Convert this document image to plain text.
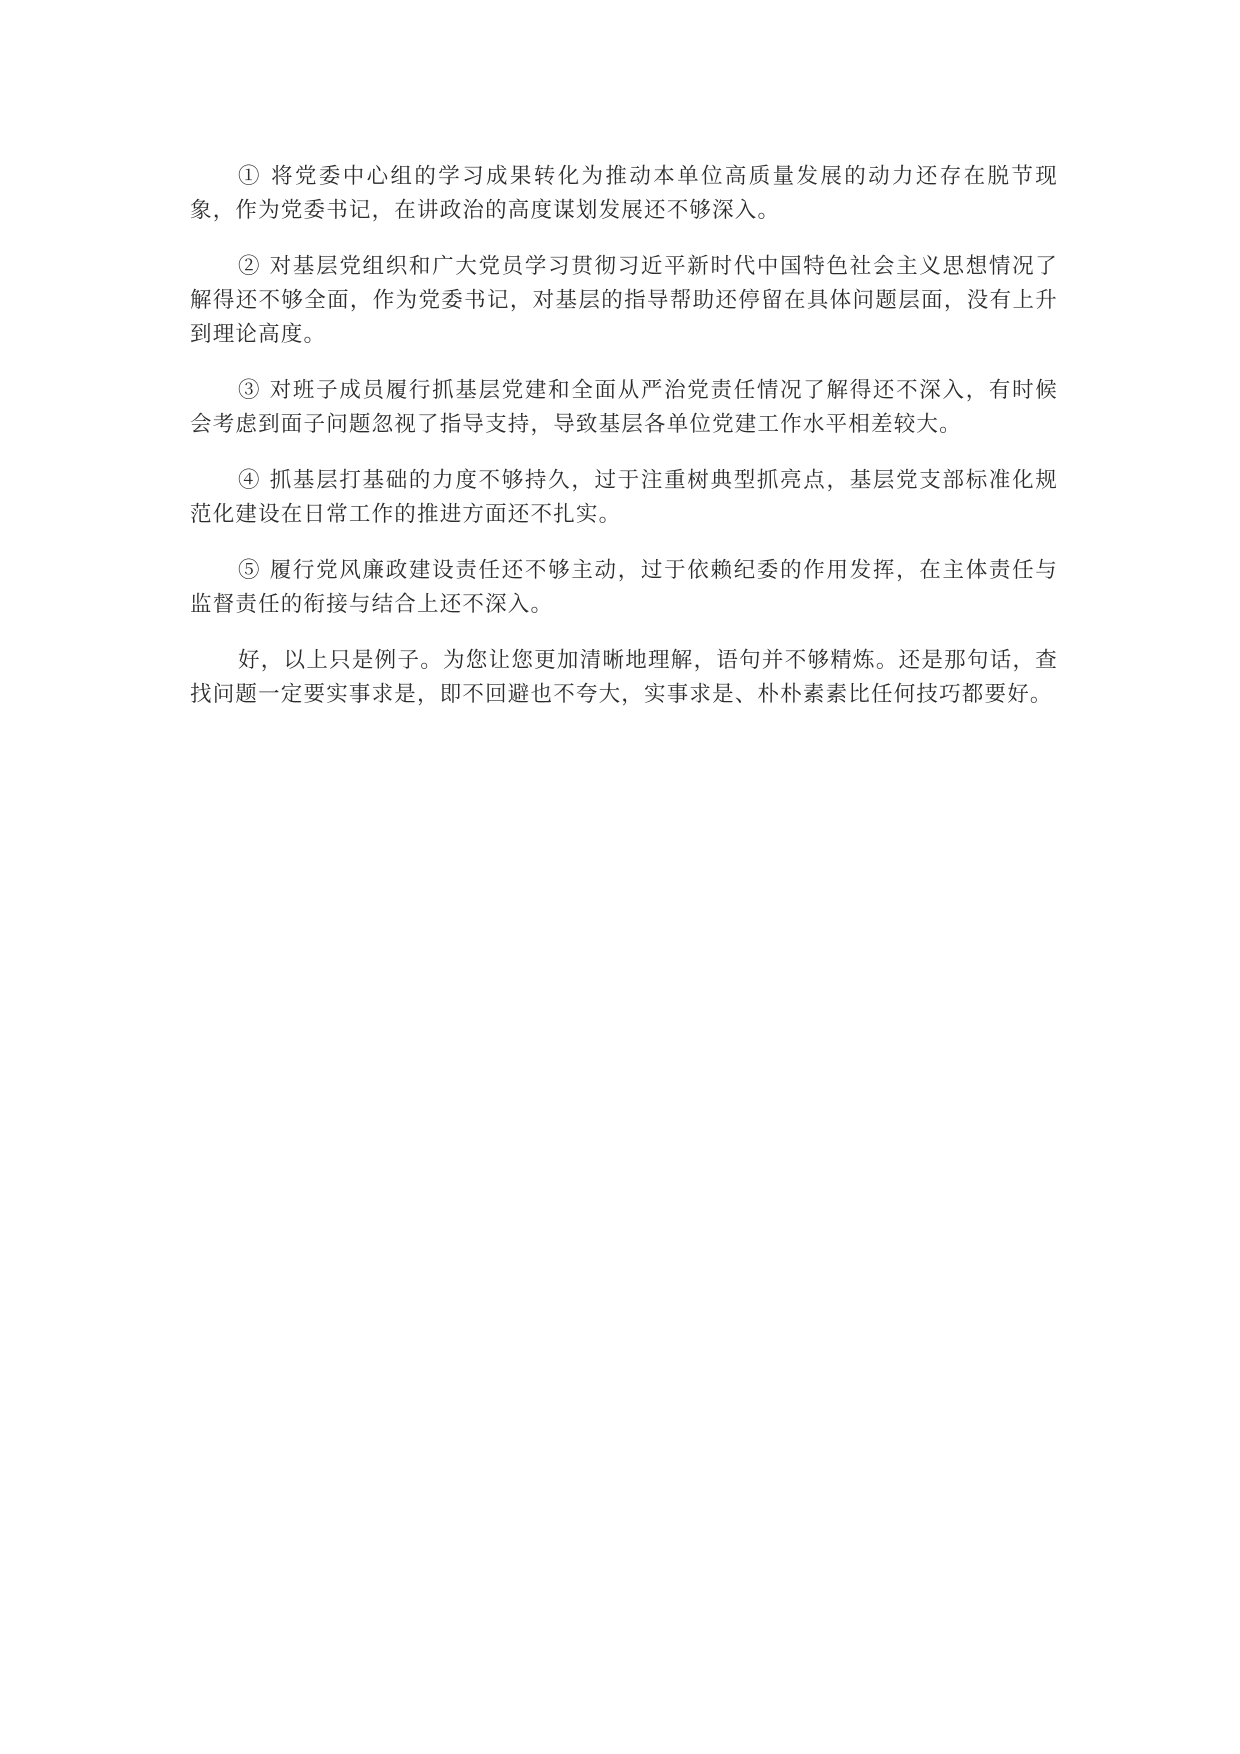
① 将党委中心组的学习成果转化为推动本单位高质量发展的动力还存在脱节现象，作为党委书记，在讲政治的高度谋划发展还不够深入。

② 对基层党组织和广大党员学习贯彻习近平新时代中国特色社会主义思想情况了解得还不够全面，作为党委书记，对基层的指导帮助还停留在具体问题层面，没有上升到理论高度。

③ 对班子成员履行抓基层党建和全面从严治党责任情况了解得还不深入，有时候会考虑到面子问题忽视了指导支持，导致基层各单位党建工作水平相差较大。

④ 抓基层打基础的力度不够持久，过于注重树典型抓亮点，基层党支部标准化规范化建设在日常工作的推进方面还不扎实。

⑤ 履行党风廉政建设责任还不够主动，过于依赖纪委的作用发挥，在主体责任与监督责任的衔接与结合上还不深入。

好，以上只是例子。为您让您更加清晰地理解，语句并不够精炼。还是那句话，查找问题一定要实事求是，即不回避也不夸大，实事求是、朴朴素素比任何技巧都要好。
